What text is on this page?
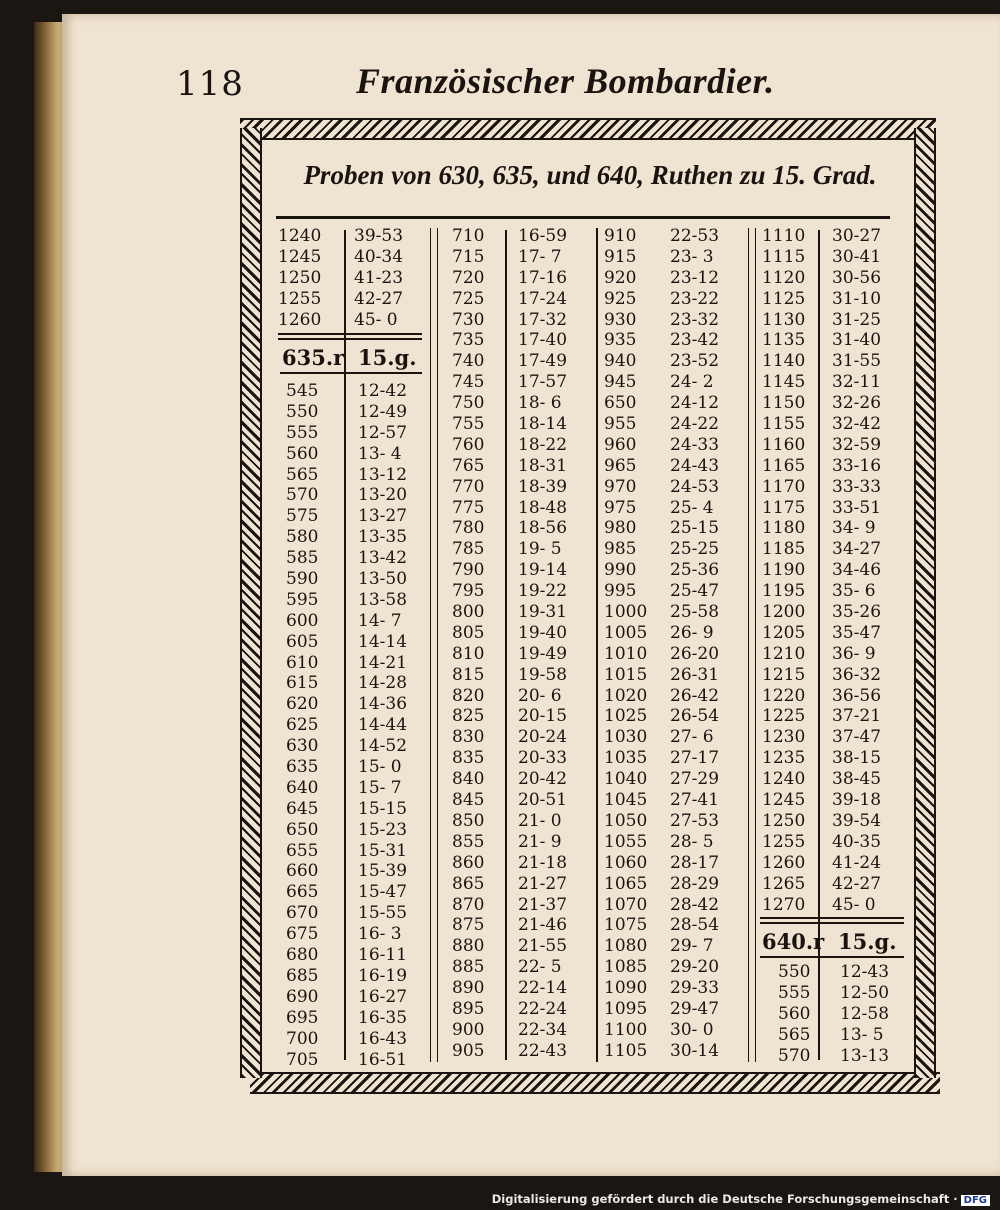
118	Französischer Bombardier.
Proben von 630, 635, und 640, Ruthen zu 15. Grad.
1240
1245
1250
1255
1260
39-53
40-34
41-23
42-27
45- 0
635.r 15.g.
545
550
555
560
565
570
575
580
585
590
595
600
605
610
615
620
625
630
635
640
645
650
655
660
665
670
675
680
685
690
695
700
705
12-42
12-49
12-57
13- 4
13-12
13-20
13-27
13-35
13-42
13-50
13-58
14- 7
14-14
14-21
14-28
14-36
14-44
14-52
15- 0
15- 7
15-15
15-23
15-31
15-39
15-47
15-55
16- 3
16-11
16-19
16-27
16-35
16-43
16-51
710
715
720
725
730
735
740
745
750
755
760
765
770
775
780
785
790
795
800
805
810
815
820
825
830
835
840
845
850
855
860
865
870
875
880
885
890
895
900
905
16-59
17- 7
17-16
17-24
17-32
17-40
17-49
17-57
18- 6
18-14
18-22
18-31
18-39
18-48
18-56
19- 5
19-14
19-22
19-31
19-40
19-49
19-58
20- 6
20-15
20-24
20-33
20-42
20-51
21- 0
21- 9
21-18
21-27
21-37
21-46
21-55
22- 5
22-14
22-24
22-34
22-43
910
915
920
925
930
935
940
945
650
955
960
965
970
975
980
985
990
995
1000
1005
1010
1015
1020
1025
1030
1035
1040
1045
1050
1055
1060
1065
1070
1075
1080
1085
1090
1095
1100
1105
22-53
23- 3
23-12
23-22
23-32
23-42
23-52
24- 2
24-12
24-22
24-33
24-43
24-53
25- 4
25-15
25-25
25-36
25-47
25-58
26- 9
26-20
26-31
26-42
26-54
27- 6
27-17
27-29
27-41
27-53
28- 5
28-17
28-29
28-42
28-54
29- 7
29-20
29-33
29-47
30- 0
30-14
1110
1115
1120
1125
1130
1135
1140
1145
1150
1155
1160
1165
1170
1175
1180
1185
1190
1195
1200
1205
1210
1215
1220
1225
1230
1235
1240
1245
1250
1255
1260
1265
1270
30-27
30-41
30-56
31-10
31-25
31-40
31-55
32-11
32-26
32-42
32-59
33-16
33-33
33-51
34- 9
34-27
34-46
35- 6
35-26
35-47
36- 9
36-32
36-56
37-21
37-47
38-15
38-45
39-18
39-54
40-35
41-24
42-27
45- 0
640.r 15.g.
550
555
560
565
570
12-43
12-50
12-58
13- 5
13-13
Digitalisierung gefördert durch die Deutsche Forschungsgemeinschaft · DFG
